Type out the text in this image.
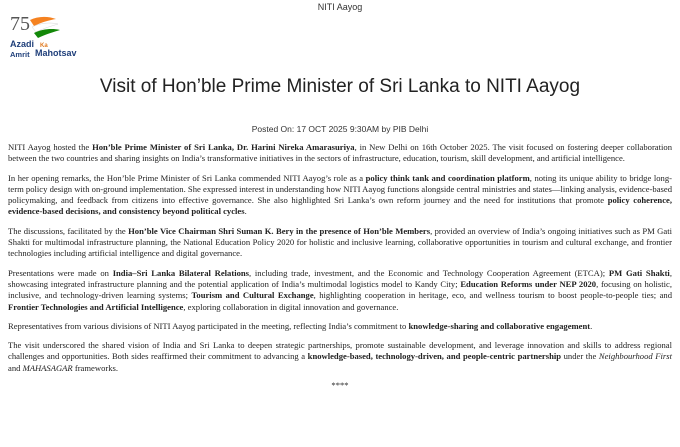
NITI Aayog
75
Azadi Ka
Amrit Mahotsav
Visit of Hon’ble Prime Minister of Sri Lanka to NITI Aayog
Posted On: 17 OCT 2025 9:30AM by PIB Delhi

NITI Aayog hosted the Hon’ble Prime Minister of Sri Lanka, Dr. Harini Nireka Amarasuriya, in New Delhi on 16th October 2025. The visit focused on fostering deeper collaboration between the two countries and sharing insights on India’s transformative initiatives in the sectors of infrastructure, education, tourism, skill development, and artificial intelligence.

In her opening remarks, the Hon’ble Prime Minister of Sri Lanka commended NITI Aayog’s role as a policy think tank and coordination platform, noting its unique ability to bridge long-term policy design with on-ground implementation. She expressed interest in understanding how NITI Aayog functions alongside central ministries and states—linking analysis, evidence-based policymaking, and feedback from citizens into effective governance. She also highlighted Sri Lanka’s own reform journey and the need for institutions that promote policy coherence, evidence-based decisions, and consistency beyond political cycles.

The discussions, facilitated by the Hon’ble Vice Chairman Shri Suman K. Bery in the presence of Hon’ble Members, provided an overview of India’s ongoing initiatives such as PM Gati Shakti for multimodal infrastructure planning, the National Education Policy 2020 for holistic and inclusive learning, collaborative opportunities in tourism and cultural exchange, and frontier technologies including artificial intelligence and digital governance.

Presentations were made on India–Sri Lanka Bilateral Relations, including trade, investment, and the Economic and Technology Cooperation Agreement (ETCA); PM Gati Shakti, showcasing integrated infrastructure planning and the potential application of India’s multimodal logistics model to Kandy City; Education Reforms under NEP 2020, focusing on holistic, inclusive, and technology-driven learning systems; Tourism and Cultural Exchange, highlighting cooperation in heritage, eco, and wellness tourism to boost people-to-people ties; and Frontier Technologies and Artificial Intelligence, exploring collaboration in digital innovation and governance.

Representatives from various divisions of NITI Aayog participated in the meeting, reflecting India’s commitment to knowledge-sharing and collaborative engagement.

The visit underscored the shared vision of India and Sri Lanka to deepen strategic partnerships, promote sustainable development, and leverage innovation and skills to address regional challenges and opportunities. Both sides reaffirmed their commitment to advancing a knowledge-based, technology-driven, and people-centric partnership under the Neighbourhood First and MAHASAGAR frameworks.

****
